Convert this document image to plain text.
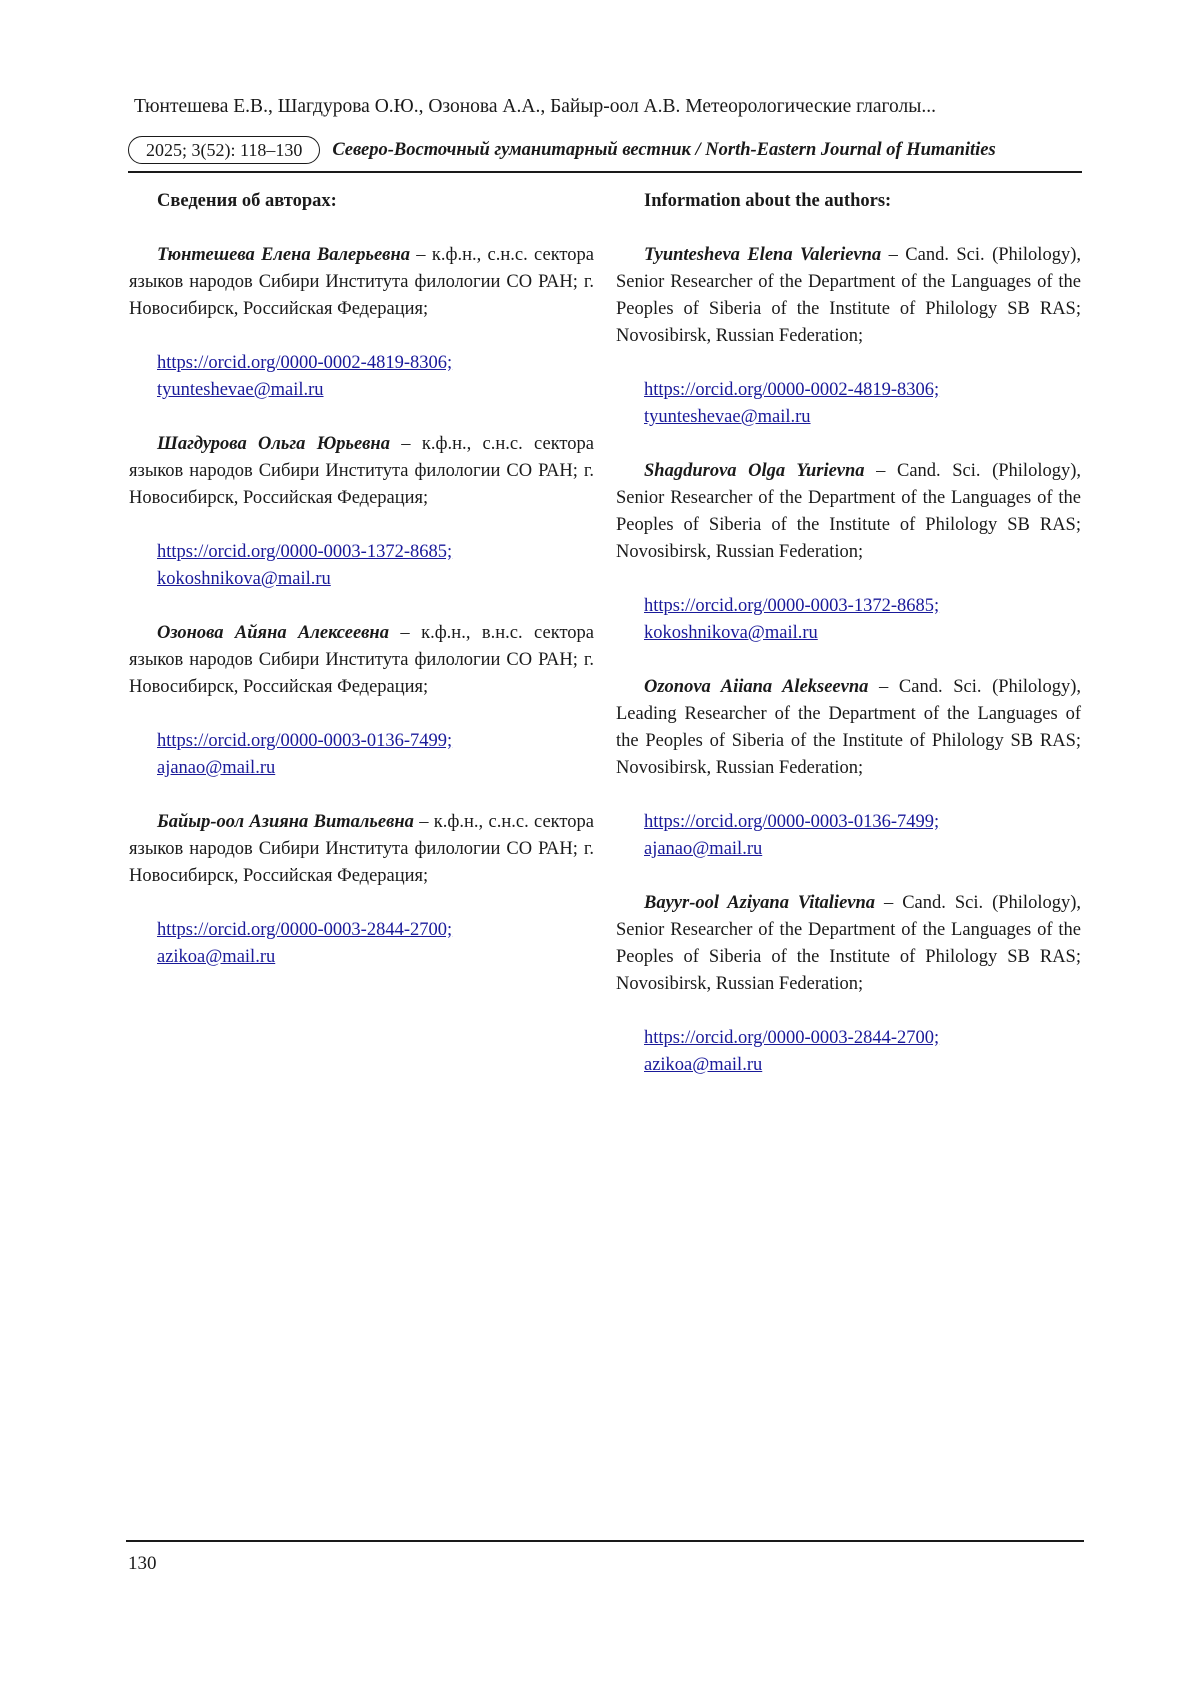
Тюнтешева Е.В., Шагдурова О.Ю., Озонова А.А., Байыр-оол А.В. Метеорологические глаголы...
2025; 3(52): 118–130	Северо-Восточный гуманитарный вестник / North-Eastern Journal of Humanities

Сведения об авторах:

Тюнтешева Елена Валерьевна – к.ф.н., с.н.с. сектора языков народов Сибири Института филологии СО РАН; г. Новосибирск, Российская Федерация;

https://orcid.org/0000-0002-4819-8306;
tyunteshevae@mail.ru

Шагдурова Ольга Юрьевна – к.ф.н., с.н.с. сектора языков народов Сибири Института филологии СО РАН; г. Новосибирск, Российская Федерация;

https://orcid.org/0000-0003-1372-8685;
kokoshnikova@mail.ru

Озонова Айяна Алексеевна – к.ф.н., в.н.с. сектора языков народов Сибири Института филологии СО РАН; г. Новосибирск, Российская Федерация;

https://orcid.org/0000-0003-0136-7499;
ajanao@mail.ru

Байыр-оол Азияна Витальевна – к.ф.н., с.н.с. сектора языков народов Сибири Института филологии СО РАН; г. Новосибирск, Российская Федерация;

https://orcid.org/0000-0003-2844-2700;
azikoa@mail.ru

Information about the authors:

Tyuntesheva Elena Valerievna – Cand. Sci. (Philology), Senior Researcher of the Department of the Languages of the Peoples of Siberia of the Institute of Philology SB RAS; Novosibirsk, Russian Federation;

https://orcid.org/0000-0002-4819-8306;
tyunteshevae@mail.ru

Shagdurova Olga Yurievna – Cand. Sci. (Philology), Senior Researcher of the Department of the Languages of the Peoples of Siberia of the Institute of Philology SB RAS; Novosibirsk, Russian Federation;

https://orcid.org/0000-0003-1372-8685;
kokoshnikova@mail.ru

Ozonova Aiiana Alekseevna – Cand. Sci. (Philology), Leading Researcher of the Department of the Languages of the Peoples of Siberia of the Institute of Philology SB RAS; Novosibirsk, Russian Federation;

https://orcid.org/0000-0003-0136-7499;
ajanao@mail.ru

Bayyr-ool Aziyana Vitalievna – Cand. Sci. (Philology), Senior Researcher of the Department of the Languages of the Peoples of Siberia of the Institute of Philology SB RAS; Novosibirsk, Russian Federation;

https://orcid.org/0000-0003-2844-2700;
azikoa@mail.ru
130
